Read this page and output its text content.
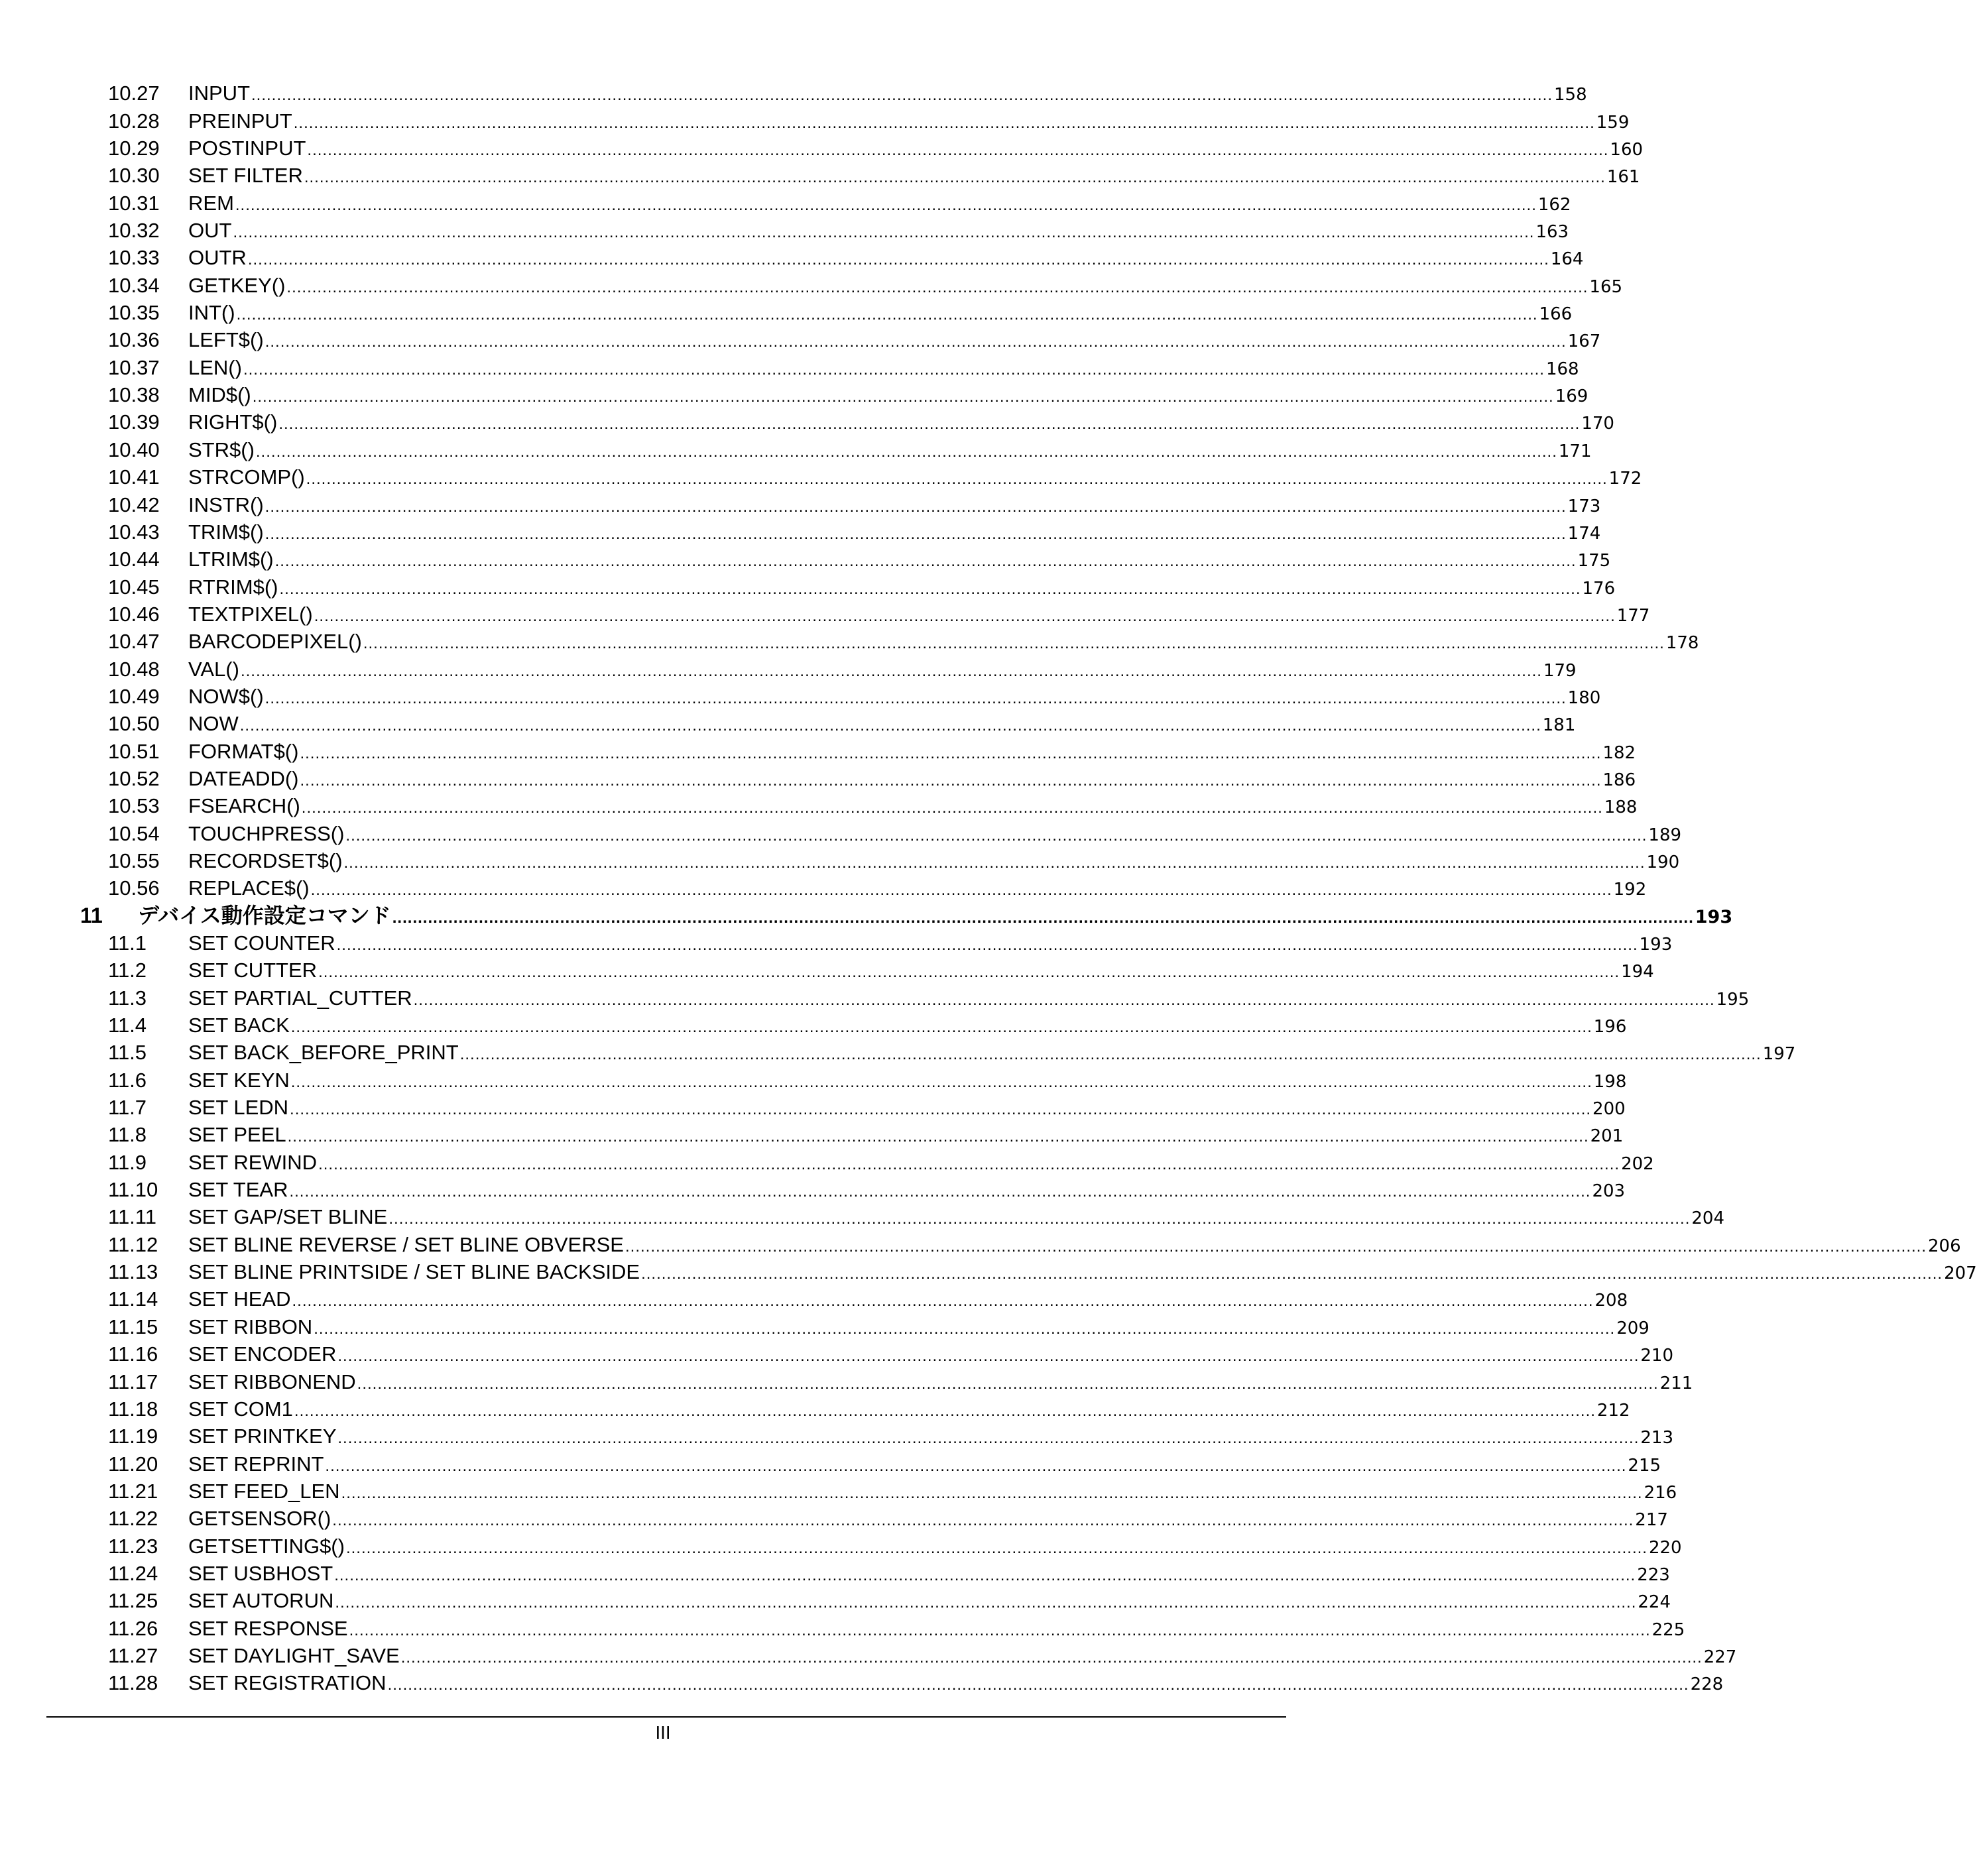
10.27 INPUT ................................................................................................................................................................................................................................................................ 158
10.28 PREINPUT ................................................................................................................................................................................................................................................................ 159
10.29 POSTINPUT ................................................................................................................................................................................................................................................................ 160
10.30 SET FILTER ................................................................................................................................................................................................................................................................ 161
10.31 REM ................................................................................................................................................................................................................................................................ 162
10.32 OUT ................................................................................................................................................................................................................................................................ 163
10.33 OUTR ................................................................................................................................................................................................................................................................ 164
10.34 GETKEY() ................................................................................................................................................................................................................................................................ 165
10.35 INT() ................................................................................................................................................................................................................................................................ 166
10.36 LEFT$() ................................................................................................................................................................................................................................................................ 167
10.37 LEN() ................................................................................................................................................................................................................................................................ 168
10.38 MID$() ................................................................................................................................................................................................................................................................ 169
10.39 RIGHT$() ................................................................................................................................................................................................................................................................ 170
10.40 STR$() ................................................................................................................................................................................................................................................................ 171
10.41 STRCOMP() ................................................................................................................................................................................................................................................................ 172
10.42 INSTR() ................................................................................................................................................................................................................................................................ 173
10.43 TRIM$() ................................................................................................................................................................................................................................................................ 174
10.44 LTRIM$() ................................................................................................................................................................................................................................................................ 175
10.45 RTRIM$() ................................................................................................................................................................................................................................................................ 176
10.46 TEXTPIXEL() ................................................................................................................................................................................................................................................................ 177
10.47 BARCODEPIXEL() ................................................................................................................................................................................................................................................................ 178
10.48 VAL() ................................................................................................................................................................................................................................................................ 179
10.49 NOW$() ................................................................................................................................................................................................................................................................ 180
10.50 NOW ................................................................................................................................................................................................................................................................ 181
10.51 FORMAT$() ................................................................................................................................................................................................................................................................ 182
10.52 DATEADD() ................................................................................................................................................................................................................................................................ 186
10.53 FSEARCH() ................................................................................................................................................................................................................................................................ 188
10.54 TOUCHPRESS() ................................................................................................................................................................................................................................................................ 189
10.55 RECORDSET$() ................................................................................................................................................................................................................................................................ 190
10.56 REPLACE$() ................................................................................................................................................................................................................................................................ 192
11 デバイス動作設定コマンド ................................................................................................................................................................................................................................................................ 193
11.1 SET COUNTER ................................................................................................................................................................................................................................................................ 193
11.2 SET CUTTER ................................................................................................................................................................................................................................................................ 194
11.3 SET PARTIAL_CUTTER ................................................................................................................................................................................................................................................................ 195
11.4 SET BACK ................................................................................................................................................................................................................................................................ 196
11.5 SET BACK_BEFORE_PRINT ................................................................................................................................................................................................................................................................ 197
11.6 SET KEYN ................................................................................................................................................................................................................................................................ 198
11.7 SET LEDN ................................................................................................................................................................................................................................................................ 200
11.8 SET PEEL ................................................................................................................................................................................................................................................................ 201
11.9 SET REWIND ................................................................................................................................................................................................................................................................ 202
11.10 SET TEAR ................................................................................................................................................................................................................................................................ 203
11.11 SET GAP/SET BLINE ................................................................................................................................................................................................................................................................ 204
11.12 SET BLINE REVERSE / SET BLINE OBVERSE ................................................................................................................................................................................................................................................................ 206
11.13 SET BLINE PRINTSIDE / SET BLINE BACKSIDE ................................................................................................................................................................................................................................................................ 207
11.14 SET HEAD ................................................................................................................................................................................................................................................................ 208
11.15 SET RIBBON ................................................................................................................................................................................................................................................................ 209
11.16 SET ENCODER ................................................................................................................................................................................................................................................................ 210
11.17 SET RIBBONEND ................................................................................................................................................................................................................................................................ 211
11.18 SET COM1 ................................................................................................................................................................................................................................................................ 212
11.19 SET PRINTKEY ................................................................................................................................................................................................................................................................ 213
11.20 SET REPRINT ................................................................................................................................................................................................................................................................ 215
11.21 SET FEED_LEN ................................................................................................................................................................................................................................................................ 216
11.22 GETSENSOR() ................................................................................................................................................................................................................................................................ 217
11.23 GETSETTING$() ................................................................................................................................................................................................................................................................ 220
11.24 SET USBHOST ................................................................................................................................................................................................................................................................ 223
11.25 SET AUTORUN ................................................................................................................................................................................................................................................................ 224
11.26 SET RESPONSE ................................................................................................................................................................................................................................................................ 225
11.27 SET DAYLIGHT_SAVE ................................................................................................................................................................................................................................................................ 227
11.28 SET REGISTRATION ................................................................................................................................................................................................................................................................ 228
III
